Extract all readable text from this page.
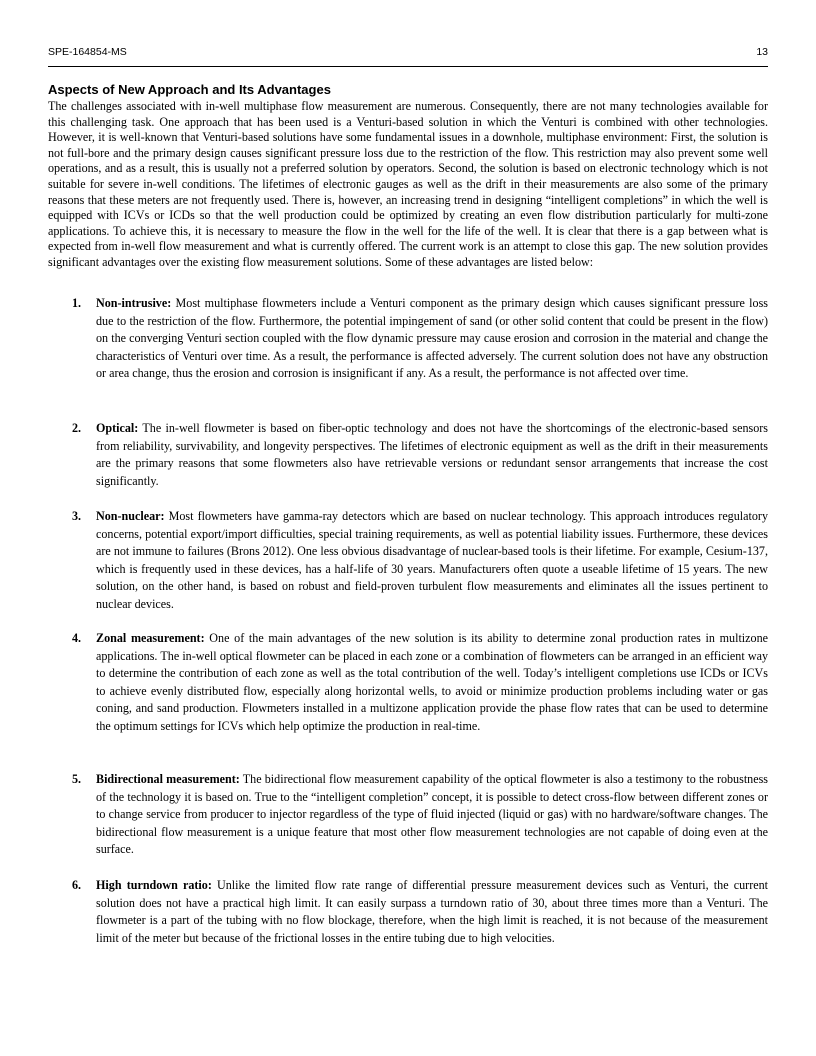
SPE-164854-MS	13
Aspects of New Approach and Its Advantages

The challenges associated with in-well multiphase flow measurement are numerous. Consequently, there are not many technologies available for this challenging task. One approach that has been used is a Venturi-based solution in which the Venturi is combined with other technologies. However, it is well-known that Venturi-based solutions have some fundamental issues in a downhole, multiphase environment: First, the solution is not full-bore and the primary design causes significant pressure loss due to the restriction of the flow. This restriction may also prevent some well operations, and as a result, this is usually not a preferred solution by operators. Second, the solution is based on electronic technology which is not suitable for severe in-well conditions. The lifetimes of electronic gauges as well as the drift in their measurements are also some of the primary reasons that these meters are not frequently used. There is, however, an increasing trend in designing “intelligent completions” in which the well is equipped with ICVs or ICDs so that the well production could be optimized by creating an even flow distribution particularly for multi-zone applications. To achieve this, it is necessary to measure the flow in the well for the life of the well. It is clear that there is a gap between what is expected from in-well flow measurement and what is currently offered. The current work is an attempt to close this gap. The new solution provides significant advantages over the existing flow measurement solutions. Some of these advantages are listed below:

1. Non-intrusive: Most multiphase flowmeters include a Venturi component as the primary design which causes significant pressure loss due to the restriction of the flow. Furthermore, the potential impingement of sand (or other solid content that could be present in the flow) on the converging Venturi section coupled with the flow dynamic pressure may cause erosion and corrosion in the material and change the characteristics of Venturi over time. As a result, the performance is affected adversely. The current solution does not have any obstruction or area change, thus the erosion and corrosion is insignificant if any. As a result, the performance is not affected over time.

2. Optical: The in-well flowmeter is based on fiber-optic technology and does not have the shortcomings of the electronic-based sensors from reliability, survivability, and longevity perspectives. The lifetimes of electronic equipment as well as the drift in their measurements are the primary reasons that some flowmeters also have retrievable versions or redundant sensor arrangements that increase the cost significantly.

3. Non-nuclear: Most flowmeters have gamma-ray detectors which are based on nuclear technology. This approach introduces regulatory concerns, potential export/import difficulties, special training requirements, as well as potential liability issues. Furthermore, these devices are not immune to failures (Brons 2012). One less obvious disadvantage of nuclear-based tools is their lifetime. For example, Cesium-137, which is frequently used in these devices, has a half-life of 30 years. Manufacturers often quote a useable lifetime of 15 years. The new solution, on the other hand, is based on robust and field-proven turbulent flow measurements and eliminates all the issues pertinent to nuclear devices.

4. Zonal measurement: One of the main advantages of the new solution is its ability to determine zonal production rates in multizone applications. The in-well optical flowmeter can be placed in each zone or a combination of flowmeters can be arranged in an efficient way to determine the contribution of each zone as well as the total contribution of the well. Today’s intelligent completions use ICDs or ICVs to achieve evenly distributed flow, especially along horizontal wells, to avoid or minimize production problems including water or gas coning, and sand production. Flowmeters installed in a multizone application provide the phase flow rates that can be used to determine the optimum settings for ICVs which help optimize the production in real-time.

5. Bidirectional measurement: The bidirectional flow measurement capability of the optical flowmeter is also a testimony to the robustness of the technology it is based on. True to the “intelligent completion” concept, it is possible to detect cross-flow between different zones or to change service from producer to injector regardless of the type of fluid injected (liquid or gas) with no hardware/software changes. The bidirectional flow measurement is a unique feature that most other flow measurement technologies are not capable of doing even at the surface.

6. High turndown ratio: Unlike the limited flow rate range of differential pressure measurement devices such as Venturi, the current solution does not have a practical high limit. It can easily surpass a turndown ratio of 30, about three times more than a Venturi. The flowmeter is a part of the tubing with no flow blockage, therefore, when the high limit is reached, it is not because of the measurement limit of the meter but because of the frictional losses in the entire tubing due to high velocities.
